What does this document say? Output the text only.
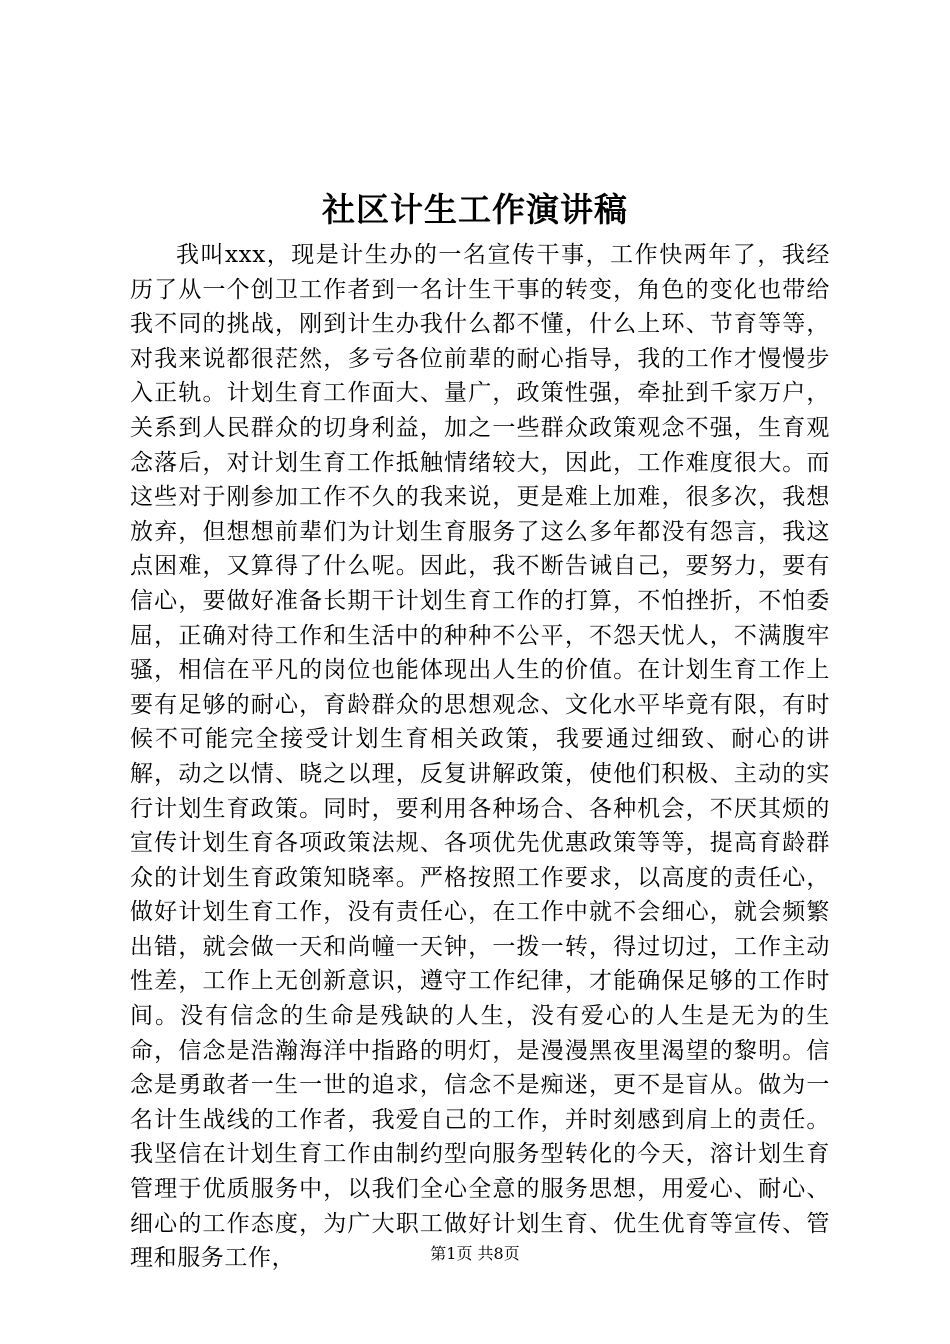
社区计生工作演讲稿

我叫xxx，现是计生办的一名宣传干事，工作快两年了，我经历了从一个创卫工作者到一名计生干事的转变，角色的变化也带给我不同的挑战，刚到计生办我什么都不懂，什么上环、节育等等，对我来说都很茫然，多亏各位前辈的耐心指导，我的工作才慢慢步入正轨。计划生育工作面大、量广，政策性强，牵扯到千家万户，关系到人民群众的切身利益，加之一些群众政策观念不强，生育观念落后，对计划生育工作抵触情绪较大，因此，工作难度很大。而这些对于刚参加工作不久的我来说，更是难上加难，很多次，我想放弃，但想想前辈们为计划生育服务了这么多年都没有怨言，我这点困难，又算得了什么呢。因此，我不断告诫自己，要努力，要有信心，要做好准备长期干计划生育工作的打算，不怕挫折，不怕委屈，正确对待工作和生活中的种种不公平，不怨天忧人，不满腹牢骚，相信在平凡的岗位也能体现出人生的价值。在计划生育工作上要有足够的耐心，育龄群众的思想观念、文化水平毕竟有限，有时候不可能完全接受计划生育相关政策，我要通过细致、耐心的讲解，动之以情、晓之以理，反复讲解政策，使他们积极、主动的实行计划生育政策。同时，要利用各种场合、各种机会，不厌其烦的宣传计划生育各项政策法规、各项优先优惠政策等等，提高育龄群众的计划生育政策知晓率。严格按照工作要求，以高度的责任心，做好计划生育工作，没有责任心，在工作中就不会细心，就会频繁出错，就会做一天和尚幢一天钟，一拨一转，得过切过，工作主动性差，工作上无创新意识，遵守工作纪律，才能确保足够的工作时间。没有信念的生命是残缺的人生，没有爱心的人生是无为的生命，信念是浩瀚海洋中指路的明灯，是漫漫黑夜里渴望的黎明。信念是勇敢者一生一世的追求，信念不是痴迷，更不是盲从。做为一名计生战线的工作者，我爱自己的工作，并时刻感到肩上的责任。我坚信在计划生育工作由制约型向服务型转化的今天，溶计划生育管理于优质服务中，以我们全心全意的服务思想，用爱心、耐心、细心的工作态度，为广大职工做好计划生育、优生优育等宣传、管理和服务工作，	第1页 共8页
